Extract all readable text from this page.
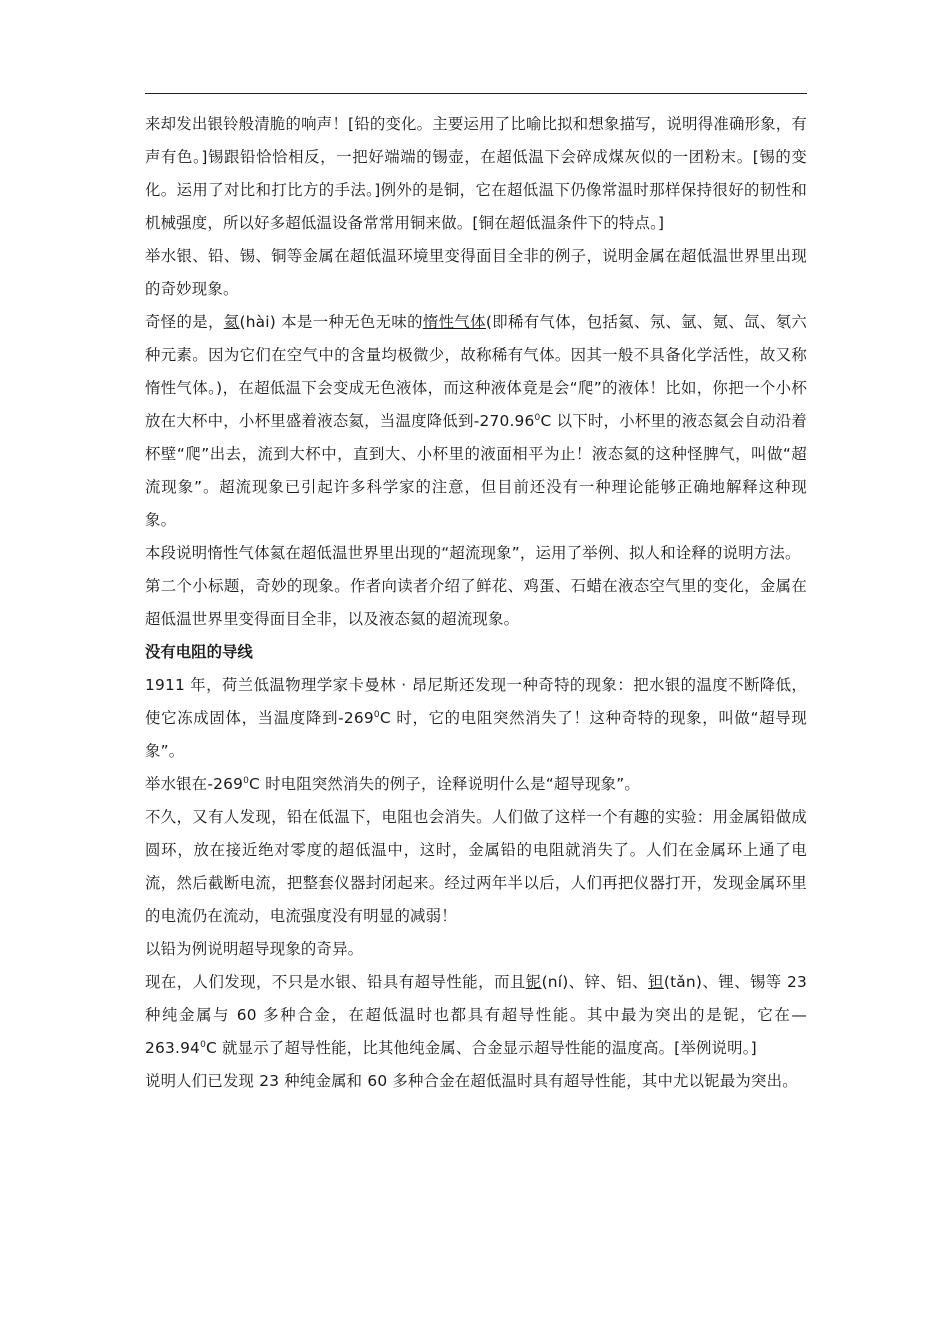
来却发出银铃般清脆的响声！[铅的变化。主要运用了比喻比拟和想象描写，说明得准确形象，有声有色。]锡跟铅恰恰相反，一把好端端的锡壶，在超低温下会碎成煤灰似的一团粉末。[锡的变化。运用了对比和打比方的手法。]例外的是铜，它在超低温下仍像常温时那样保持很好的韧性和机械强度，所以好多超低温设备常常用铜来做。[铜在超低温条件下的特点。]

举水银、铅、锡、铜等金属在超低温环境里变得面目全非的例子，说明金属在超低温世界里出现的奇妙现象。

奇怪的是，氦(hài) 本是一种无色无味的惰性气体(即稀有气体，包括氦、氖、氩、氪、氙、氡六种元素。因为它们在空气中的含量均极微少，故称稀有气体。因其一般不具备化学活性，故又称惰性气体。)，在超低温下会变成无色液体，而这种液体竟是会“爬”的液体！比如，你把一个小杯放在大杯中，小杯里盛着液态氦，当温度降低到-270.96$^0$C 以下时，小杯里的液态氦会自动沿着杯壁“爬”出去，流到大杯中，直到大、小杯里的液面相平为止！液态氦的这种怪脾气，叫做“超流现象”。超流现象已引起许多科学家的注意，但目前还没有一种理论能够正确地解释这种现象。

本段说明惰性气体氦在超低温世界里出现的“超流现象”，运用了举例、拟人和诠释的说明方法。

第二个小标题，奇妙的现象。作者向读者介绍了鲜花、鸡蛋、石蜡在液态空气里的变化，金属在超低温世界里变得面目全非，以及液态氦的超流现象。

没有电阻的导线

1911 年，荷兰低温物理学家卡曼林 · 昂尼斯还发现一种奇特的现象：把水银的温度不断降低，使它冻成固体，当温度降到$-269^0C$ 时，它的电阻突然消失了！这种奇特的现象，叫做“超导现象”。

举水银在$-269^0C$ 时电阻突然消失的例子，诠释说明什么是“超导现象”。

不久，又有人发现，铅在低温下，电阻也会消失。人们做了这样一个有趣的实验：用金属铅做成圆环，放在接近绝对零度的超低温中，这时，金属铅的电阻就消失了。人们在金属环上通了电流，然后截断电流，把整套仪器封闭起来。经过两年半以后，人们再把仪器打开，发现金属环里的电流仍在流动，电流强度没有明显的减弱！

以铅为例说明超导现象的奇异。

现在，人们发现，不只是水银、铅具有超导性能，而且铌(ní)、锌、铝、钽(tǎn)、锂、锡等 23 种纯金属与 60 多种合金，在超低温时也都具有超导性能。其中最为突出的是铌，它在—263.94$^0$C 就显示了超导性能，比其他纯金属、合金显示超导性能的温度高。[举例说明。]

说明人们已发现 23 种纯金属和 60 多种合金在超低温时具有超导性能，其中尤以铌最为突出。
